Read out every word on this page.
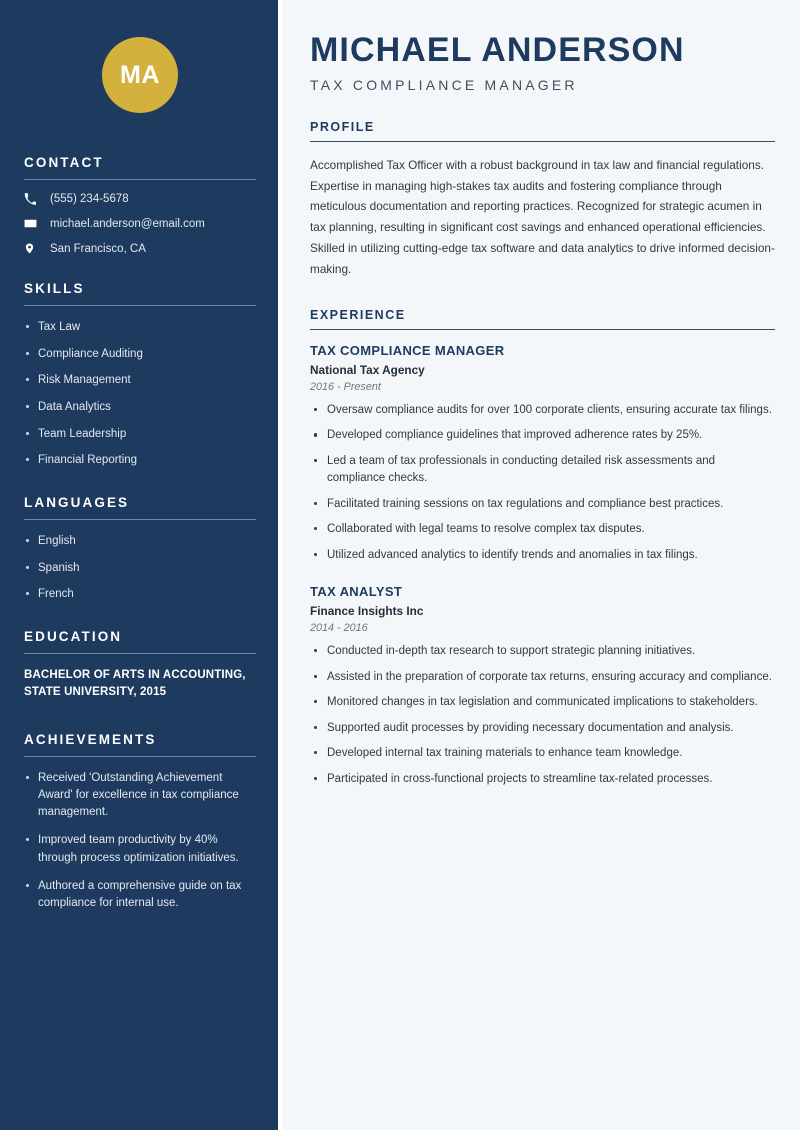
MA
CONTACT
(555) 234-5678
michael.anderson@email.com
San Francisco, CA
SKILLS
Tax Law
Compliance Auditing
Risk Management
Data Analytics
Team Leadership
Financial Reporting
LANGUAGES
English
Spanish
French
EDUCATION
BACHELOR OF ARTS IN ACCOUNTING,
STATE UNIVERSITY, 2015
ACHIEVEMENTS
Received 'Outstanding Achievement Award' for excellence in tax compliance management.
Improved team productivity by 40% through process optimization initiatives.
Authored a comprehensive guide on tax compliance for internal use.
MICHAEL ANDERSON
TAX COMPLIANCE MANAGER
PROFILE

Accomplished Tax Officer with a robust background in tax law and financial regulations. Expertise in managing high-stakes tax audits and fostering compliance through meticulous documentation and reporting practices. Recognized for strategic acumen in tax planning, resulting in significant cost savings and enhanced operational efficiencies. Skilled in utilizing cutting-edge tax software and data analytics to drive informed decision-making.

EXPERIENCE
TAX COMPLIANCE MANAGER
National Tax Agency
2016 - Present
Oversaw compliance audits for over 100 corporate clients, ensuring accurate tax filings.
Developed compliance guidelines that improved adherence rates by 25%.
Led a team of tax professionals in conducting detailed risk assessments and compliance checks.
Facilitated training sessions on tax regulations and compliance best practices.
Collaborated with legal teams to resolve complex tax disputes.
Utilized advanced analytics to identify trends and anomalies in tax filings.
TAX ANALYST
Finance Insights Inc
2014 - 2016
Conducted in-depth tax research to support strategic planning initiatives.
Assisted in the preparation of corporate tax returns, ensuring accuracy and compliance.
Monitored changes in tax legislation and communicated implications to stakeholders.
Supported audit processes by providing necessary documentation and analysis.
Developed internal tax training materials to enhance team knowledge.
Participated in cross-functional projects to streamline tax-related processes.
